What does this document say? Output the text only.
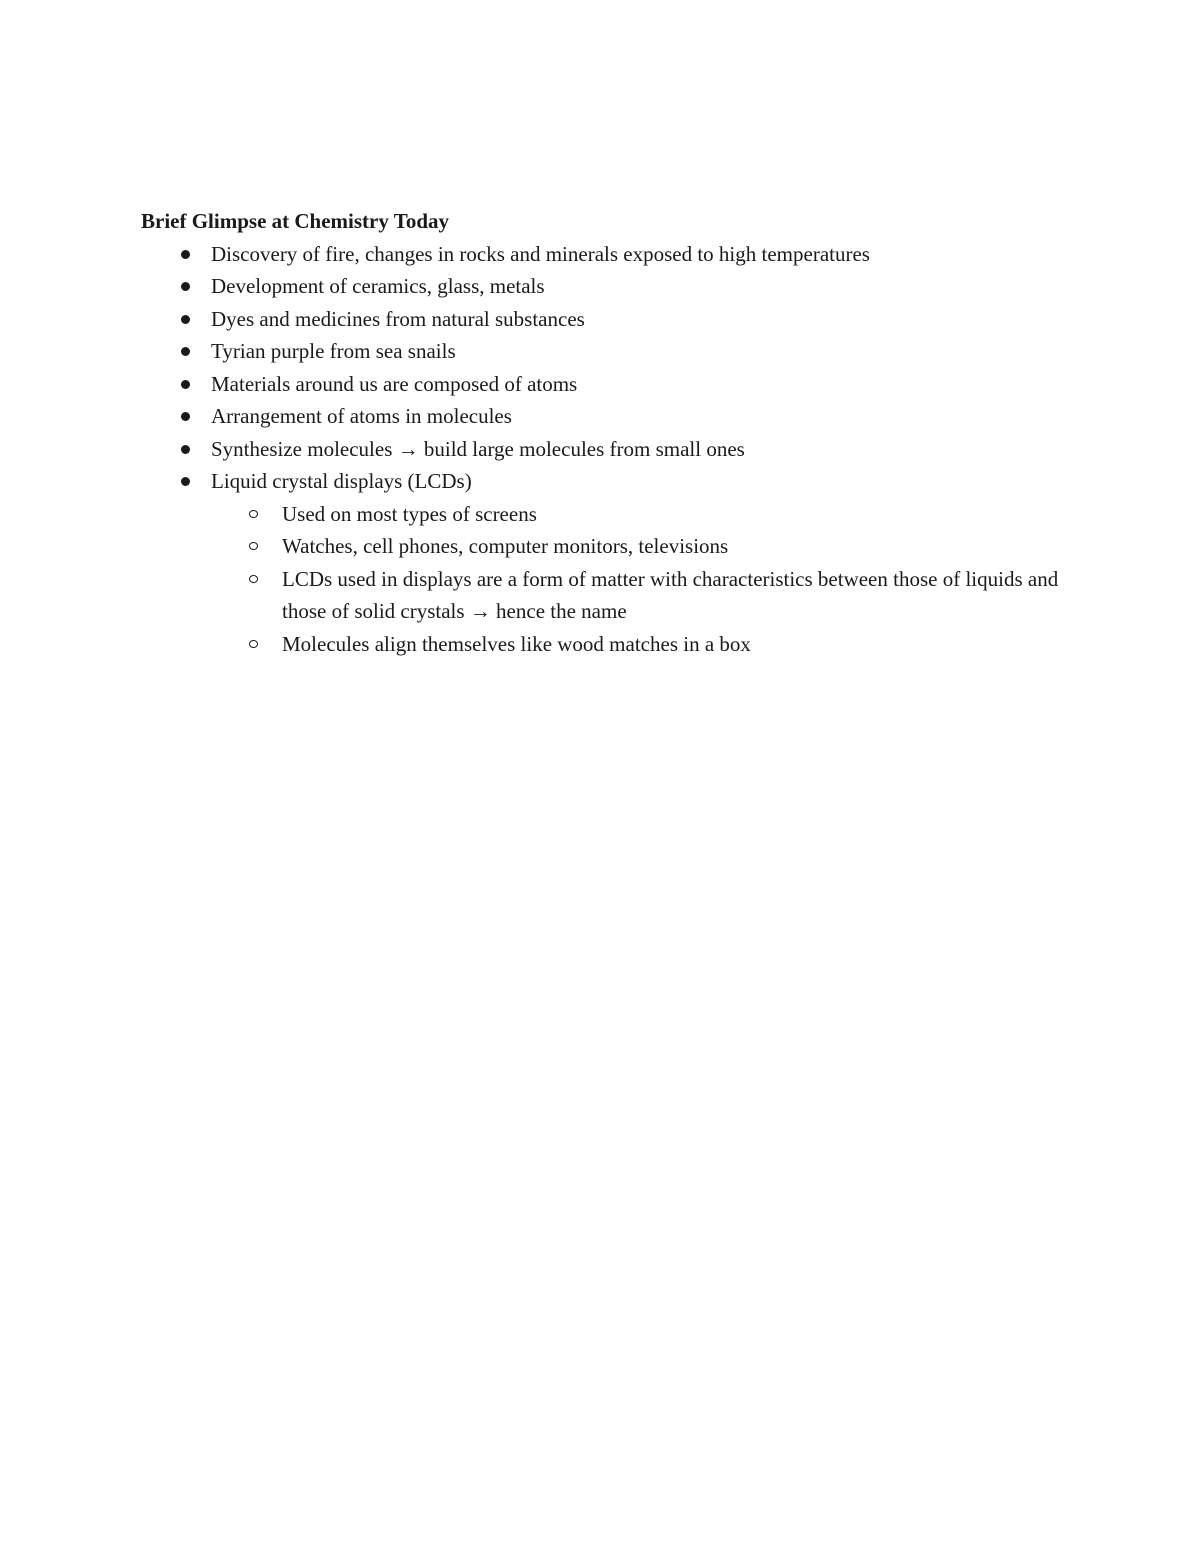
Brief Glimpse at Chemistry Today
Discovery of fire, changes in rocks and minerals exposed to high temperatures
Development of ceramics, glass, metals
Dyes and medicines from natural substances
Tyrian purple from sea snails
Materials around us are composed of atoms
Arrangement of atoms in molecules
Synthesize molecules → build large molecules from small ones
Liquid crystal displays (LCDs)
Used on most types of screens
Watches, cell phones, computer monitors, televisions
LCDs used in displays are a form of matter with characteristics between those of liquids and those of solid crystals → hence the name
Molecules align themselves like wood matches in a box
